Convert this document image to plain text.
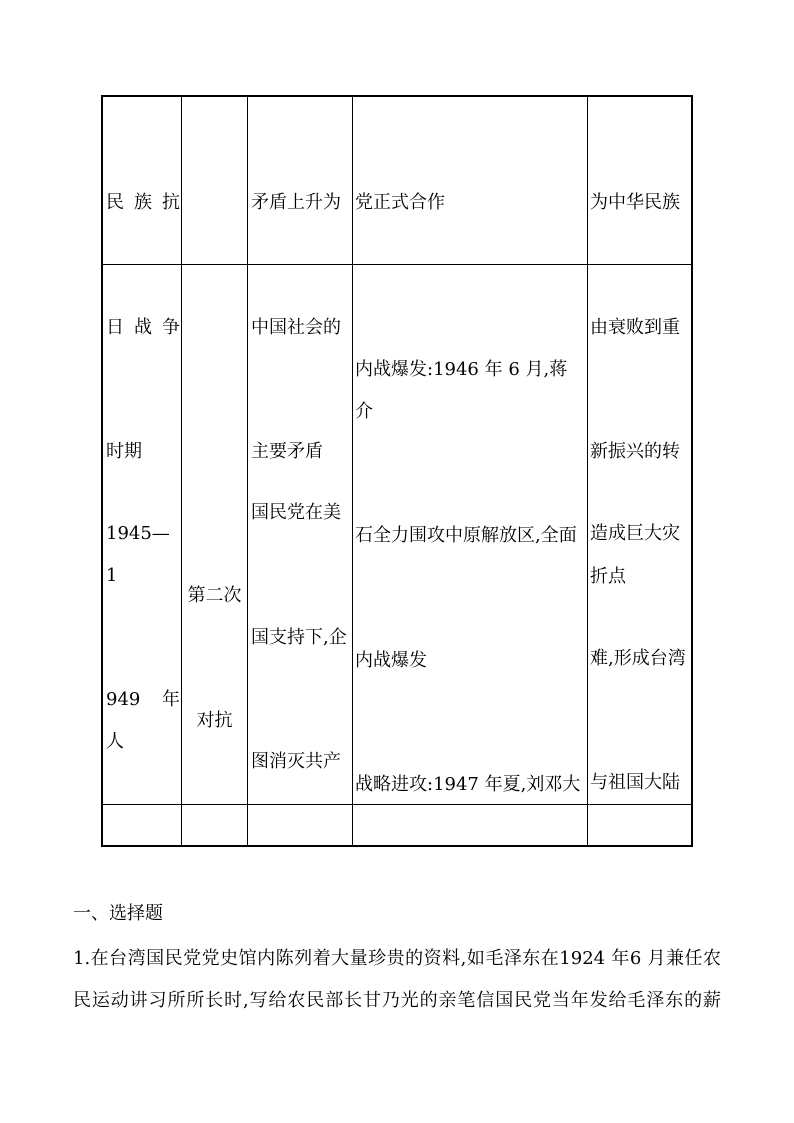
民 族 抗

日 战 争

时期

矛盾上升为

中国社会的

主要矛盾

党正式合作

	为中华民族

由衰败到重

新振兴的转

折点

1945—1

949 年人

第二次

对抗

国民党在美

国支持下,企

图消灭共产

内战爆发:1946 年 6 月,蒋介

石全力围攻中原解放区,全面

内战爆发

战略进攻:1947 年夏,刘邓大

造成巨大灾

难,形成台湾

与祖国大陆

一、选择题
1.在台湾国民党党史馆内陈列着大量珍贵的资料,如毛泽东在1924 年6 月兼任农
民运动讲习所所长时,写给农民部长甘乃光的亲笔信国民党当年发给毛泽东的薪
